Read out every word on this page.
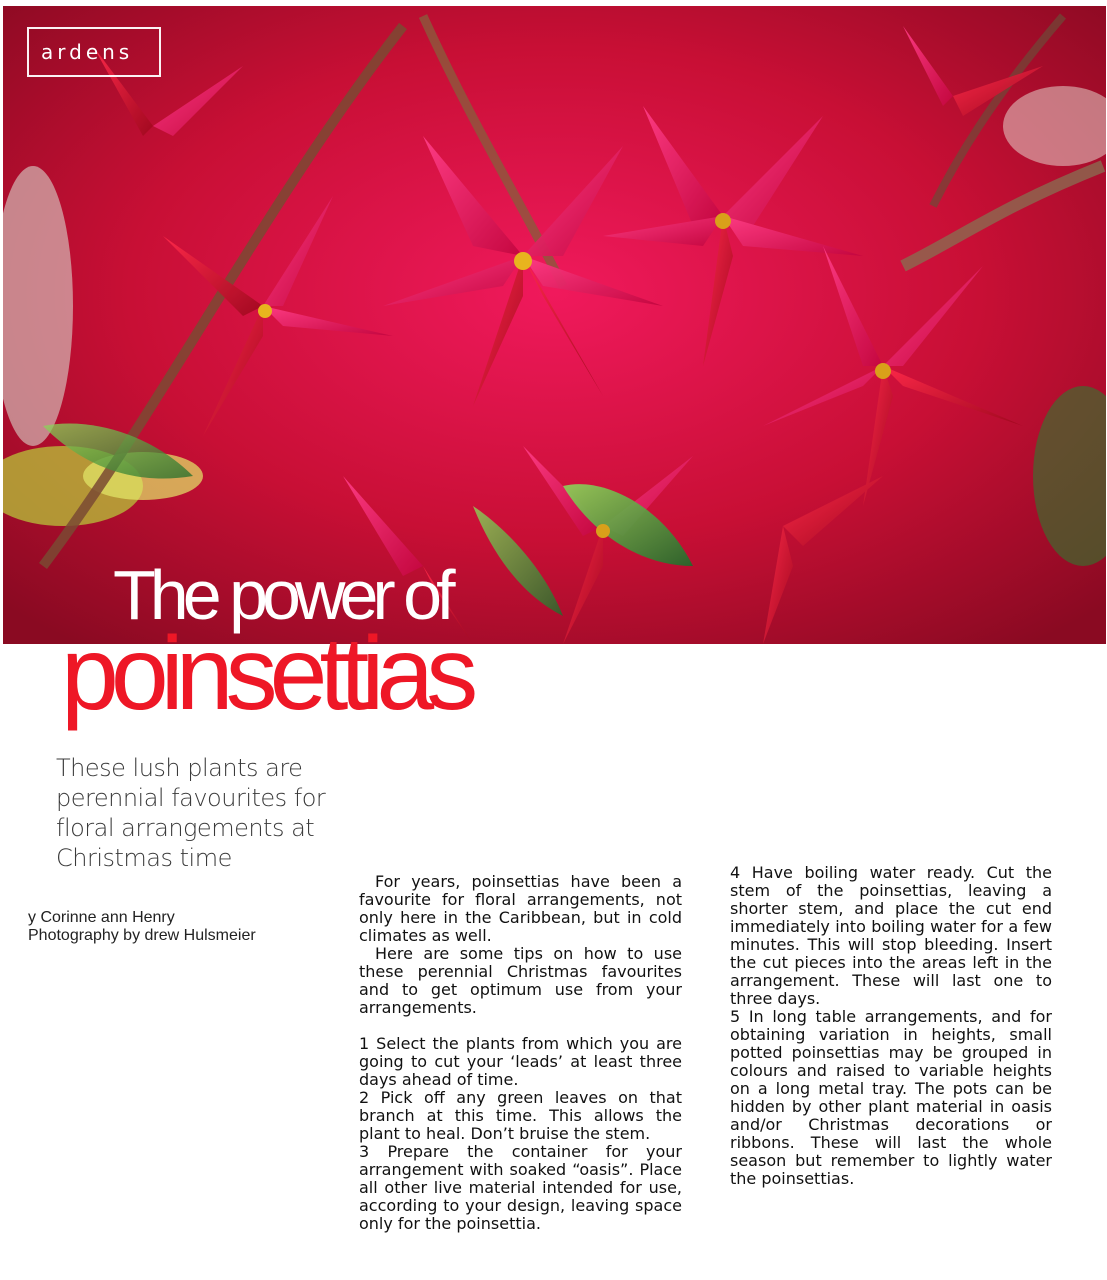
ardens
The power of
poinsettias
These lush plants are perennial favourites for floral arrangements at Christmas time
y Corinne ann Henry
Photography by drew Hulsmeier

For years, poinsettias have been a favourite for floral arrangements, not only here in the Caribbean, but in cold climates as well.

Here are some tips on how to use these perennial Christmas favourites and to get optimum use from your arrangements.

1 Select the plants from which you are going to cut your ‘leads’ at least three days ahead of time.

2 Pick off any green leaves on that branch at this time. This allows the plant to heal. Don’t bruise the stem.

3 Prepare the container for your arrangement with soaked “oasis”. Place all other live material intended for use, according to your design, leaving space only for the poinsettia.

4 Have boiling water ready. Cut the stem of the poinsettias, leaving a shorter stem, and place the cut end immediately into boiling water for a few minutes. This will stop bleeding. Insert the cut pieces into the areas left in the arrangement. These will last one to three days.

5 In long table arrangements, and for obtaining variation in heights, small potted poinsettias may be grouped in colours and raised to variable heights on a long metal tray. The pots can be hidden by other plant material in oasis and/or Christmas decorations or ribbons. These will last the whole season but remember to lightly water the poinsettias.
